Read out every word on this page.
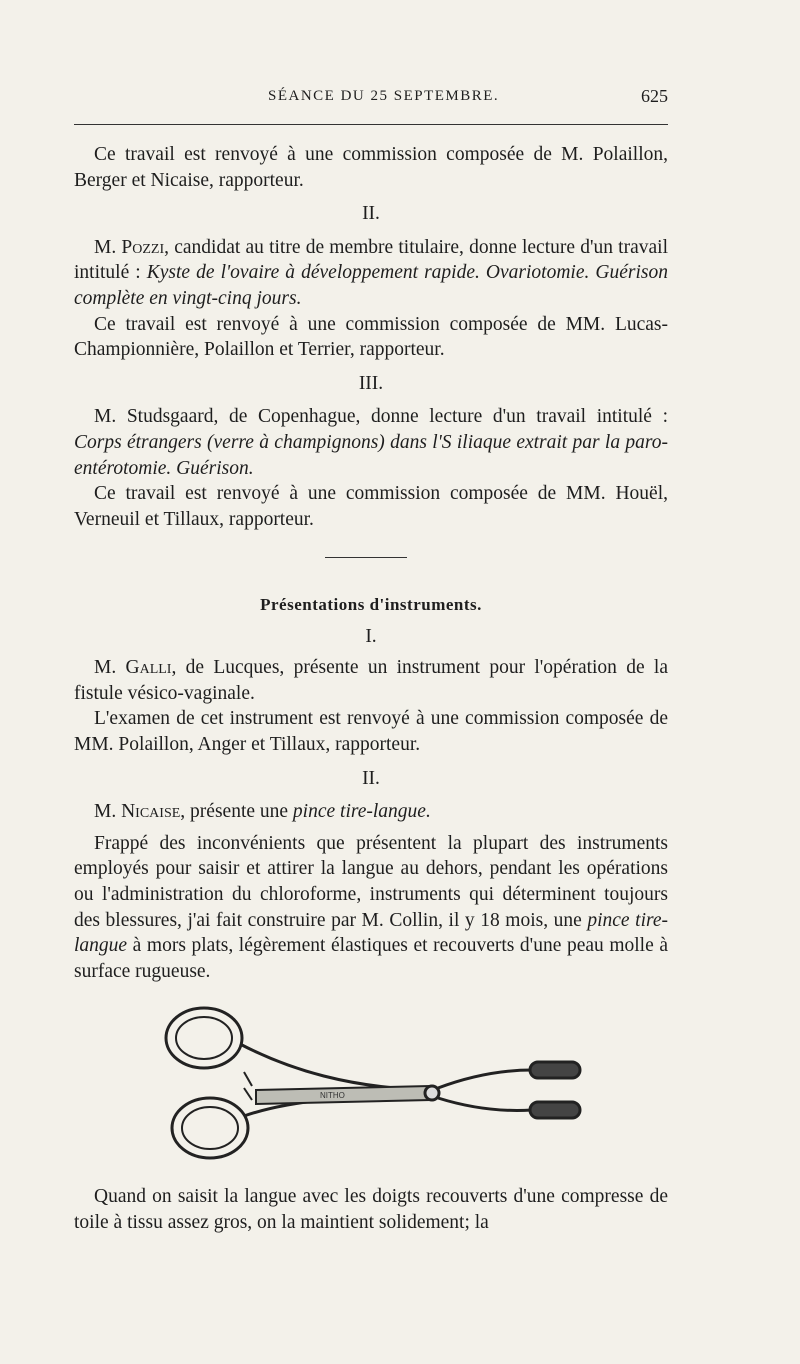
SÉANCE DU 25 SEPTEMBRE.	625

Ce travail est renvoyé à une commission composée de M. Polaillon, Berger et Nicaise, rapporteur.

II.

M. Pozzi, candidat au titre de membre titulaire, donne lecture d'un travail intitulé : Kyste de l'ovaire à développement rapide. Ovariotomie. Guérison complète en vingt-cinq jours.

Ce travail est renvoyé à une commission composée de MM. Lucas-Championnière, Polaillon et Terrier, rapporteur.

III.

M. Studsgaard, de Copenhague, donne lecture d'un travail intitulé : Corps étrangers (verre à champignons) dans l'S iliaque extrait par la paro-entérotomie. Guérison.

Ce travail est renvoyé à une commission composée de MM. Houël, Verneuil et Tillaux, rapporteur.

Présentations d'instruments.

I.

M. Galli, de Lucques, présente un instrument pour l'opération de la fistule vésico-vaginale.

L'examen de cet instrument est renvoyé à une commission composée de MM. Polaillon, Anger et Tillaux, rapporteur.

II.

M. Nicaise, présente une pince tire-langue.

Frappé des inconvénients que présentent la plupart des instruments employés pour saisir et attirer la langue au dehors, pendant les opérations ou l'administration du chloroforme, instruments qui déterminent toujours des blessures, j'ai fait construire par M. Collin, il y 18 mois, une pince tire-langue à mors plats, légèrement élastiques et recouverts d'une peau molle à surface rugueuse.

NITHO

Quand on saisit la langue avec les doigts recouverts d'une compresse de toile à tissu assez gros, on la maintient solidement; la
